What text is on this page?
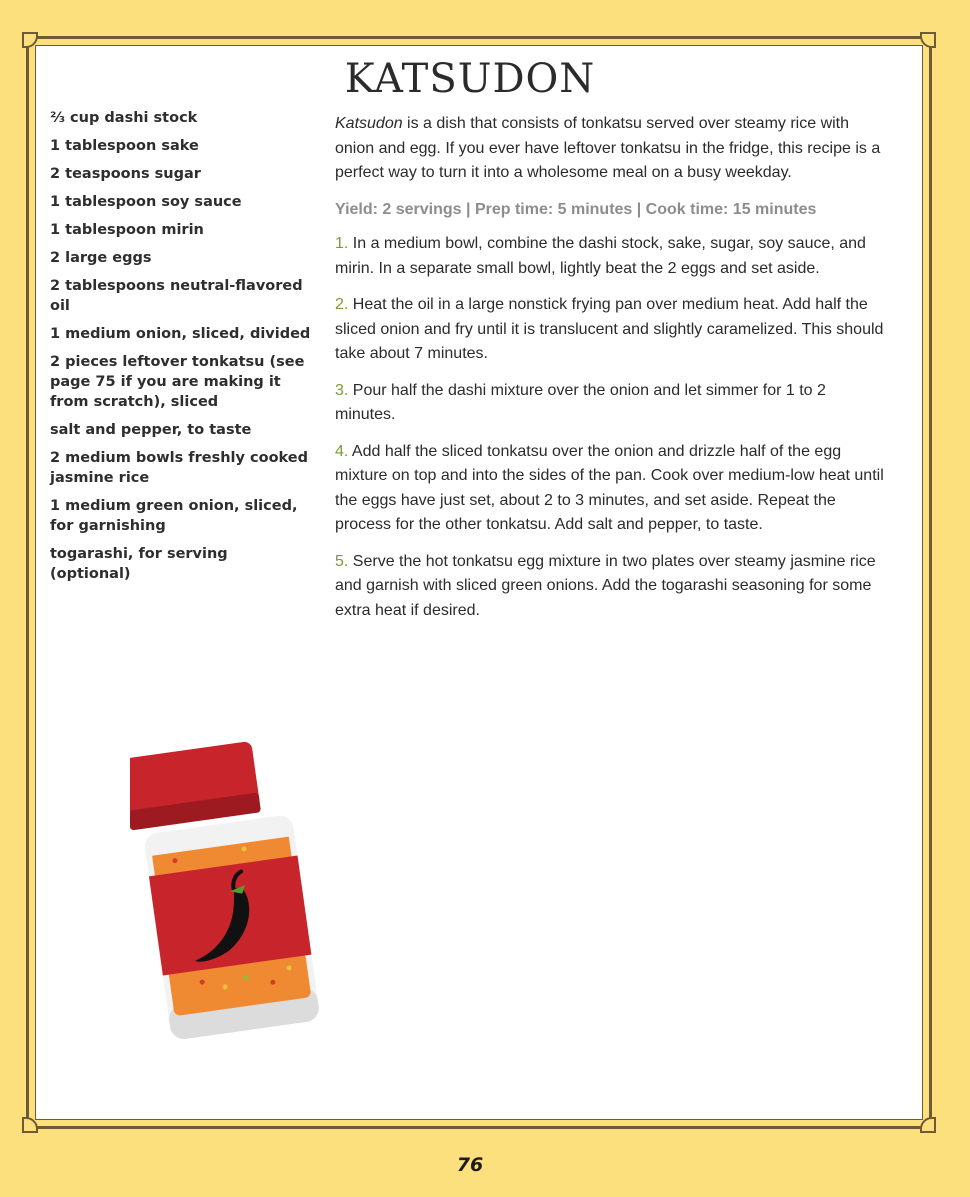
KATSUDON
⅔ cup dashi stock
1 tablespoon sake
2 teaspoons sugar
1 tablespoon soy sauce
1 tablespoon mirin
2 large eggs
2 tablespoons neutral-flavored oil
1 medium onion, sliced, divided
2 pieces leftover tonkatsu (see page 75 if you are making it from scratch), sliced
salt and pepper, to taste
2 medium bowls freshly cooked jasmine rice
1 medium green onion, sliced, for garnishing
togarashi, for serving (optional)

Katsudon is a dish that consists of tonkatsu served over steamy rice with onion and egg. If you ever have leftover tonkatsu in the fridge, this recipe is a perfect way to turn it into a wholesome meal on a busy weekday.

Yield: 2 servings | Prep time: 5 minutes | Cook time: 15 minutes

1. In a medium bowl, combine the dashi stock, sake, sugar, soy sauce, and mirin. In a separate small bowl, lightly beat the 2 eggs and set aside.

2. Heat the oil in a large nonstick frying pan over medium heat. Add half the sliced onion and fry until it is translucent and slightly caramelized. This should take about 7 minutes.

3. Pour half the dashi mixture over the onion and let simmer for 1 to 2 minutes.

4. Add half the sliced tonkatsu over the onion and drizzle half of the egg mixture on top and into the sides of the pan. Cook over medium-low heat until the eggs have just set, about 2 to 3 minutes, and set aside. Repeat the process for the other tonkatsu. Add salt and pepper, to taste.

5. Serve the hot tonkatsu egg mixture in two plates over steamy jasmine rice and garnish with sliced green onions. Add the togarashi seasoning for some extra heat if desired.

76
